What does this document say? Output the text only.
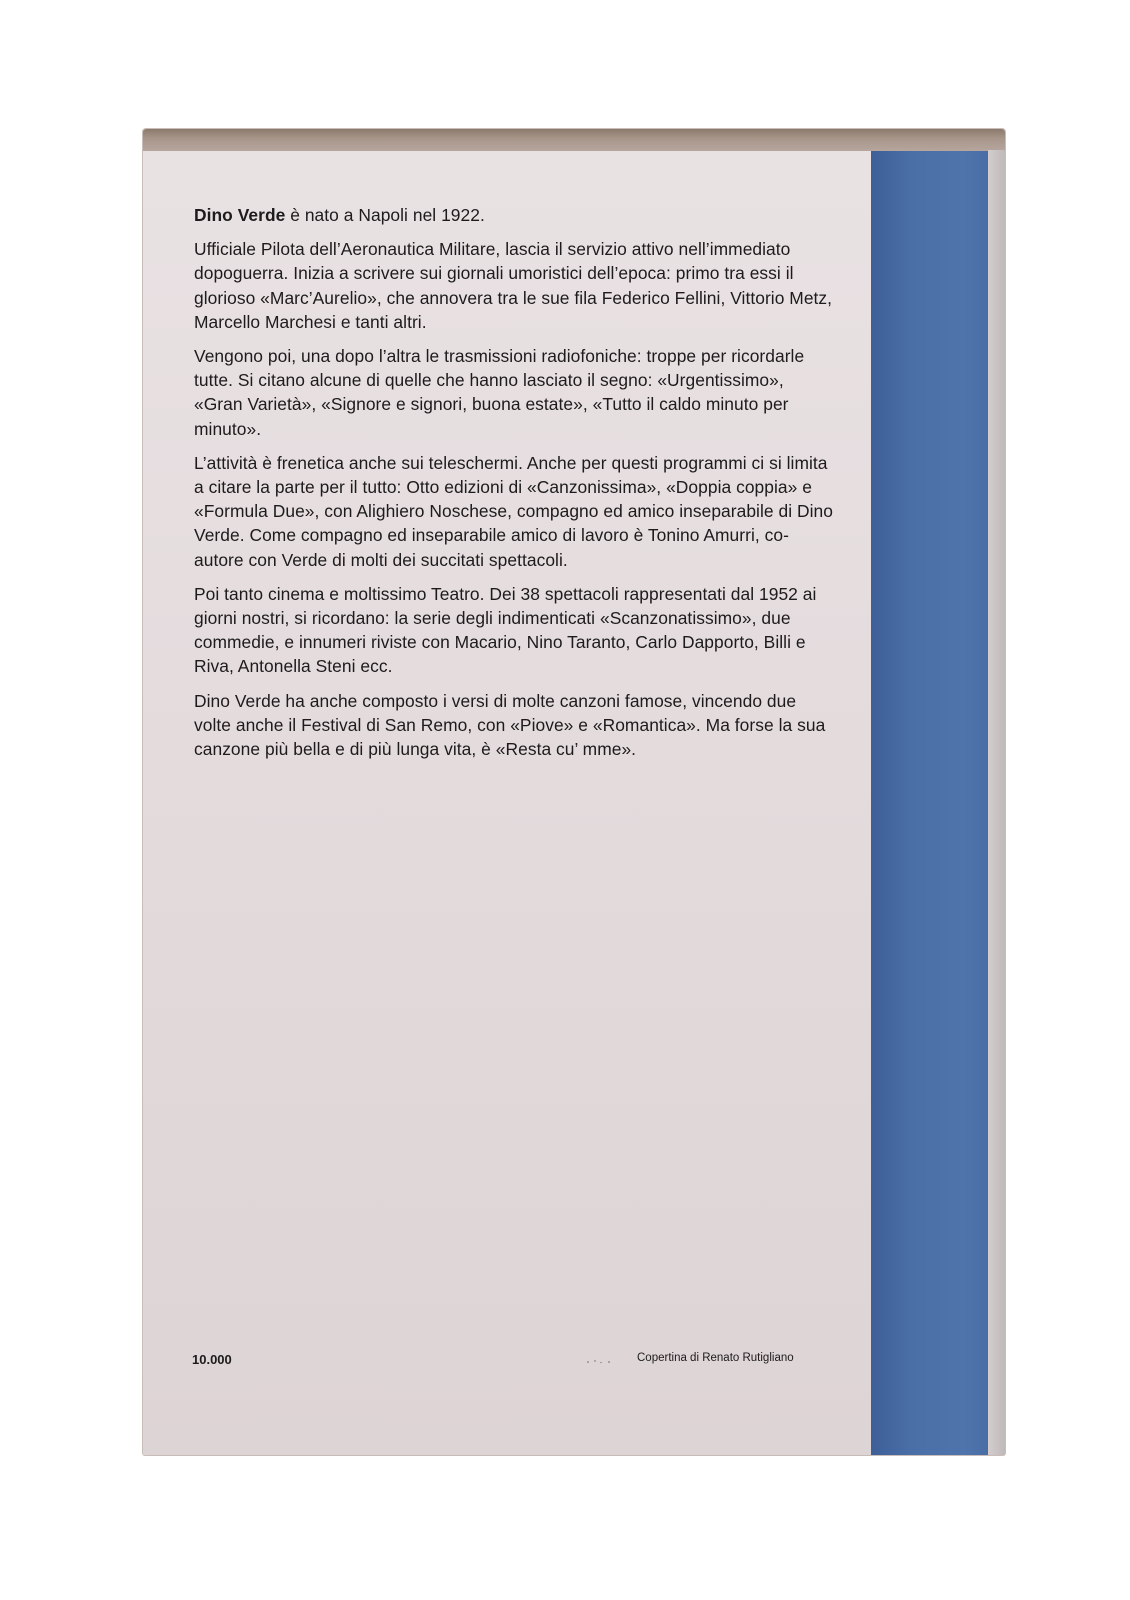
Dino Verde è nato a Napoli nel 1922.

Ufficiale Pilota dell’Aeronautica Militare, lascia il servizio attivo nell’immediato dopoguerra. Inizia a scrivere sui giornali umoristici dell’epoca: primo tra essi il glorioso «Marc’Aurelio», che annovera tra le sue fila Federico Fellini, Vittorio Metz, Marcello Marchesi e tanti altri.

Vengono poi, una dopo l’altra le trasmissioni radiofoniche: troppe per ricordarle tutte. Si citano alcune di quelle che hanno lasciato il segno: «Urgentissimo», «Gran Varietà», «Signore e signori, buona estate», «Tutto il caldo minuto per minuto».

L’attività è frenetica anche sui teleschermi. Anche per questi programmi ci si limita a citare la parte per il tutto: Otto edizioni di «Canzonissima», «Doppia coppia» e «Formula Due», con Alighiero Noschese, compagno ed amico inseparabile di Dino Verde. Come compagno ed inseparabile amico di lavoro è Tonino Amurri, co-autore con Verde di molti dei succitati spettacoli.

Poi tanto cinema e moltissimo Teatro. Dei 38 spettacoli rappresentati dal 1952 ai giorni nostri, si ricordano: la serie degli indimenticati «Scanzonatissimo», due commedie, e innumeri riviste con Macario, Nino Taranto, Carlo Dapporto, Billi e Riva, Antonella Steni ecc.

Dino Verde ha anche composto i versi di molte canzoni famose, vincendo due volte anche il Festival di San Remo, con «Piove» e «Romantica». Ma forse la sua canzone più bella e di più lunga vita, è «Resta cu’ mme».

10.000	Copertina di Renato Rutigliano
